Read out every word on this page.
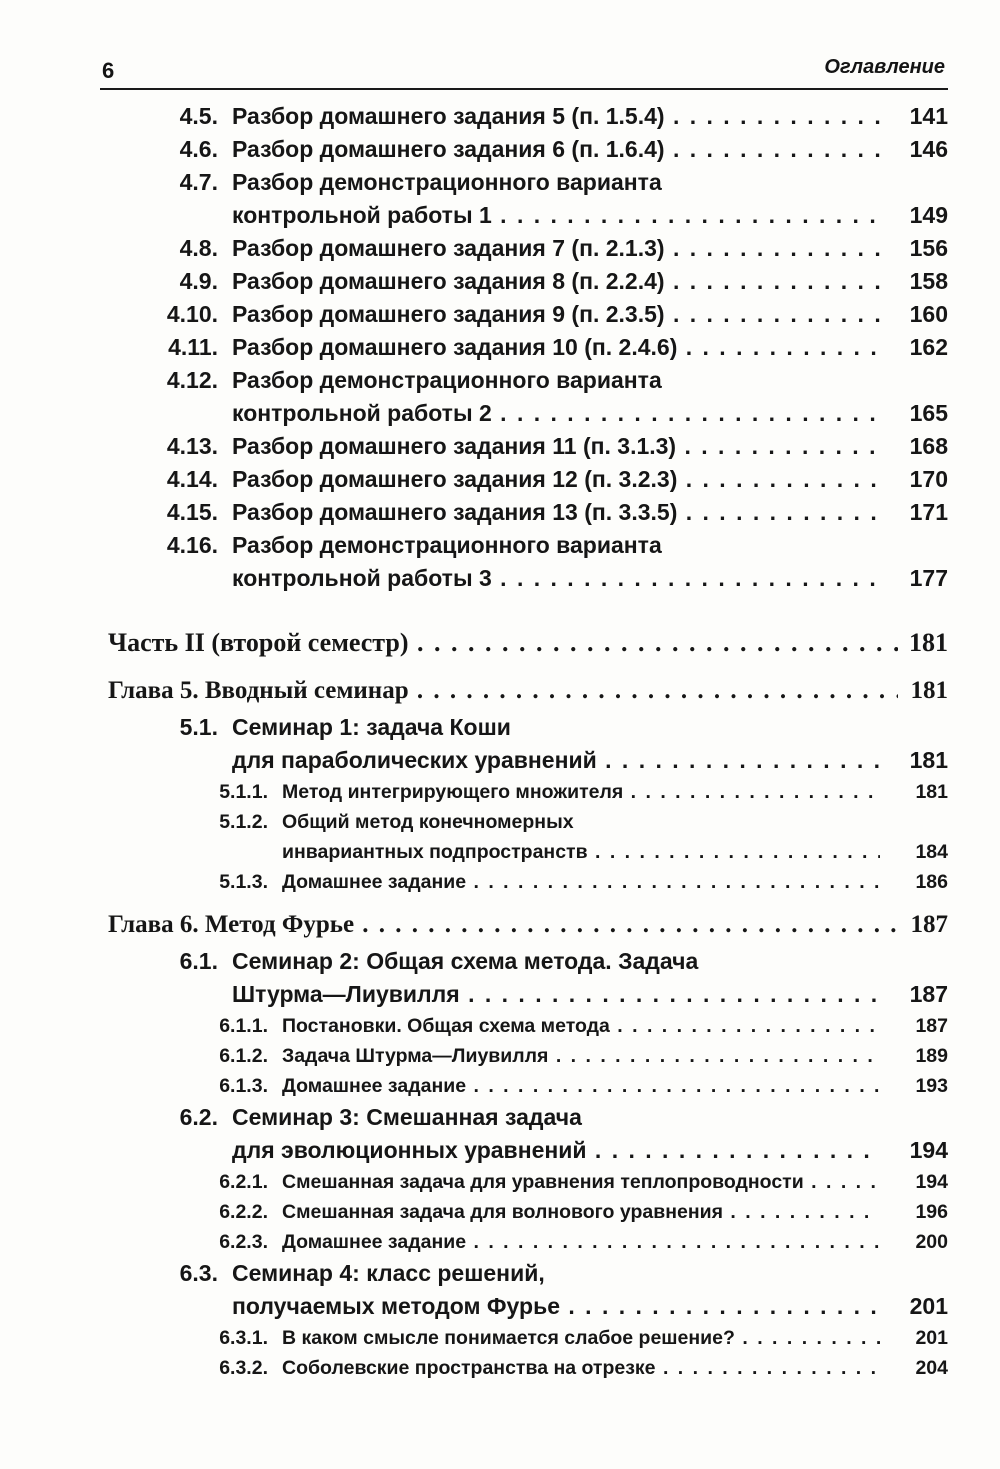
6	Оглавление
4.5. Разбор домашнего задания 5 (п. 1.5.4) . . .	141
4.6. Разбор домашнего задания 6 (п. 1.6.4) . . .	146
4.7. Разбор демонстрационного варианта
контрольной работы 1 . . .	149
4.8. Разбор домашнего задания 7 (п. 2.1.3) . . .	156
4.9. Разбор домашнего задания 8 (п. 2.2.4) . . .	158
4.10. Разбор домашнего задания 9 (п. 2.3.5) . . .	160
4.11. Разбор домашнего задания 10 (п. 2.4.6) . . .	162
4.12. Разбор демонстрационного варианта
контрольной работы 2 . . .	165
4.13. Разбор домашнего задания 11 (п. 3.1.3) . . .	168
4.14. Разбор домашнего задания 12 (п. 3.2.3) . . .	170
4.15. Разбор домашнего задания 13 (п. 3.3.5) . . .	171
4.16. Разбор демонстрационного варианта
контрольной работы 3 . . .	177
Часть II (второй семестр) . . .	181
Глава 5. Вводный семинар . . .	181
5.1. Семинар 1: задача Коши
для параболических уравнений . . .	181
5.1.1. Метод интегрирующего множителя . . .	181
5.1.2. Общий метод конечномерных
инвариантных подпространств . . .	184
5.1.3. Домашнее задание . . .	186
Глава 6. Метод Фурье . . .	187
6.1. Семинар 2: Общая схема метода. Задача
Штурма—Лиувилля . . .	187
6.1.1. Постановки. Общая схема метода . . .	187
6.1.2. Задача Штурма—Лиувилля . . .	189
6.1.3. Домашнее задание . . .	193
6.2. Семинар 3: Смешанная задача
для эволюционных уравнений . . .	194
6.2.1. Смешанная задача для уравнения теплопроводности . . .	194
6.2.2. Смешанная задача для волнового уравнения . . .	196
6.2.3. Домашнее задание . . .	200
6.3. Семинар 4: класс решений,
получаемых методом Фурье . . .	201
6.3.1. В каком смысле понимается слабое решение? . . .	201
6.3.2. Соболевские пространства на отрезке . . .	204
